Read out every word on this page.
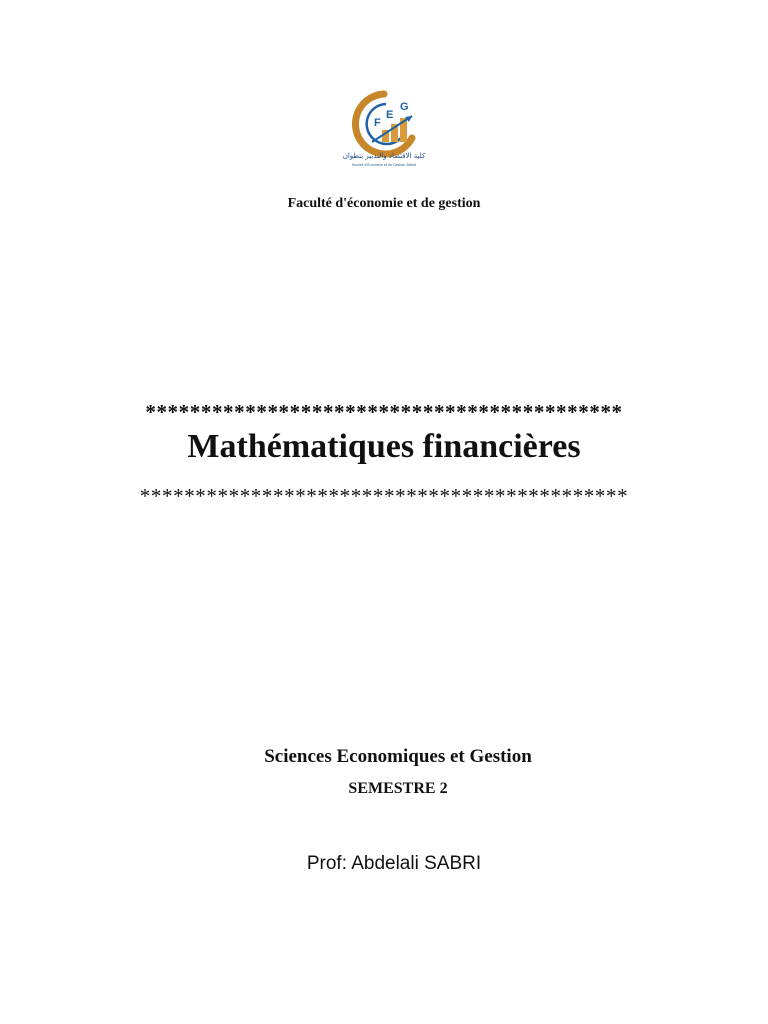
F
E
G
كلية الاقتصاد والتدبير بتطوان
Faculté d'Économie et de Gestion Settat
Faculté d'économie et de gestion
*******************************************
Mathématiques financières
********************************************
Sciences Economiques et Gestion
SEMESTRE 2
Prof: Abdelali SABRI
